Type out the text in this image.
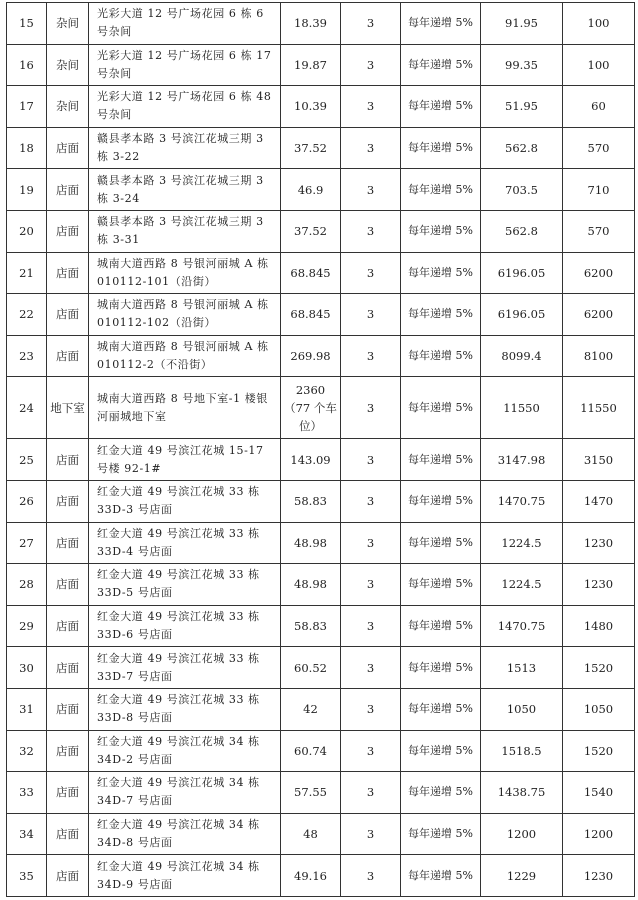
15	杂间	光彩大道 12 号广场花园 6 栋 6 号杂间	18.39	3	每年递增 5%	91.95	100
16	杂间	光彩大道 12 号广场花园 6 栋 17 号杂间	19.87	3	每年递增 5%	99.35	100
17	杂间	光彩大道 12 号广场花园 6 栋 48 号杂间	10.39	3	每年递增 5%	51.95	60
18	店面	赣县孝本路 3 号滨江花城三期 3 栋 3-22	37.52	3	每年递增 5%	562.8	570
19	店面	赣县孝本路 3 号滨江花城三期 3 栋 3-24	46.9	3	每年递增 5%	703.5	710
20	店面	赣县孝本路 3 号滨江花城三期 3 栋 3-31	37.52	3	每年递增 5%	562.8	570
21	店面	城南大道西路 8 号银河丽城 A 栋 010112-101（沿街）	68.845	3	每年递增 5%	6196.05	6200
22	店面	城南大道西路 8 号银河丽城 A 栋 010112-102（沿街）	68.845	3	每年递增 5%	6196.05	6200
23	店面	城南大道西路 8 号银河丽城 A 栋 010112-2（不沿街）	269.98	3	每年递增 5%	8099.4	8100
24	地下室	城南大道西路 8 号地下室-1 楼银河丽城地下室	2360（77 个车位）	3	每年递增 5%	11550	11550
25	店面	红金大道 49 号滨江花城 15-17 号楼 92-1#	143.09	3	每年递增 5%	3147.98	3150
26	店面	红金大道 49 号滨江花城 33 栋 33D-3 号店面	58.83	3	每年递增 5%	1470.75	1470
27	店面	红金大道 49 号滨江花城 33 栋 33D-4 号店面	48.98	3	每年递增 5%	1224.5	1230
28	店面	红金大道 49 号滨江花城 33 栋 33D-5 号店面	48.98	3	每年递增 5%	1224.5	1230
29	店面	红金大道 49 号滨江花城 33 栋 33D-6 号店面	58.83	3	每年递增 5%	1470.75	1480
30	店面	红金大道 49 号滨江花城 33 栋 33D-7 号店面	60.52	3	每年递增 5%	1513	1520
31	店面	红金大道 49 号滨江花城 33 栋 33D-8 号店面	42	3	每年递增 5%	1050	1050
32	店面	红金大道 49 号滨江花城 34 栋 34D-2 号店面	60.74	3	每年递增 5%	1518.5	1520
33	店面	红金大道 49 号滨江花城 34 栋 34D-7 号店面	57.55	3	每年递增 5%	1438.75	1540
34	店面	红金大道 49 号滨江花城 34 栋 34D-8 号店面	48	3	每年递增 5%	1200	1200
35	店面	红金大道 49 号滨江花城 34 栋 34D-9 号店面	49.16	3	每年递增 5%	1229	1230
